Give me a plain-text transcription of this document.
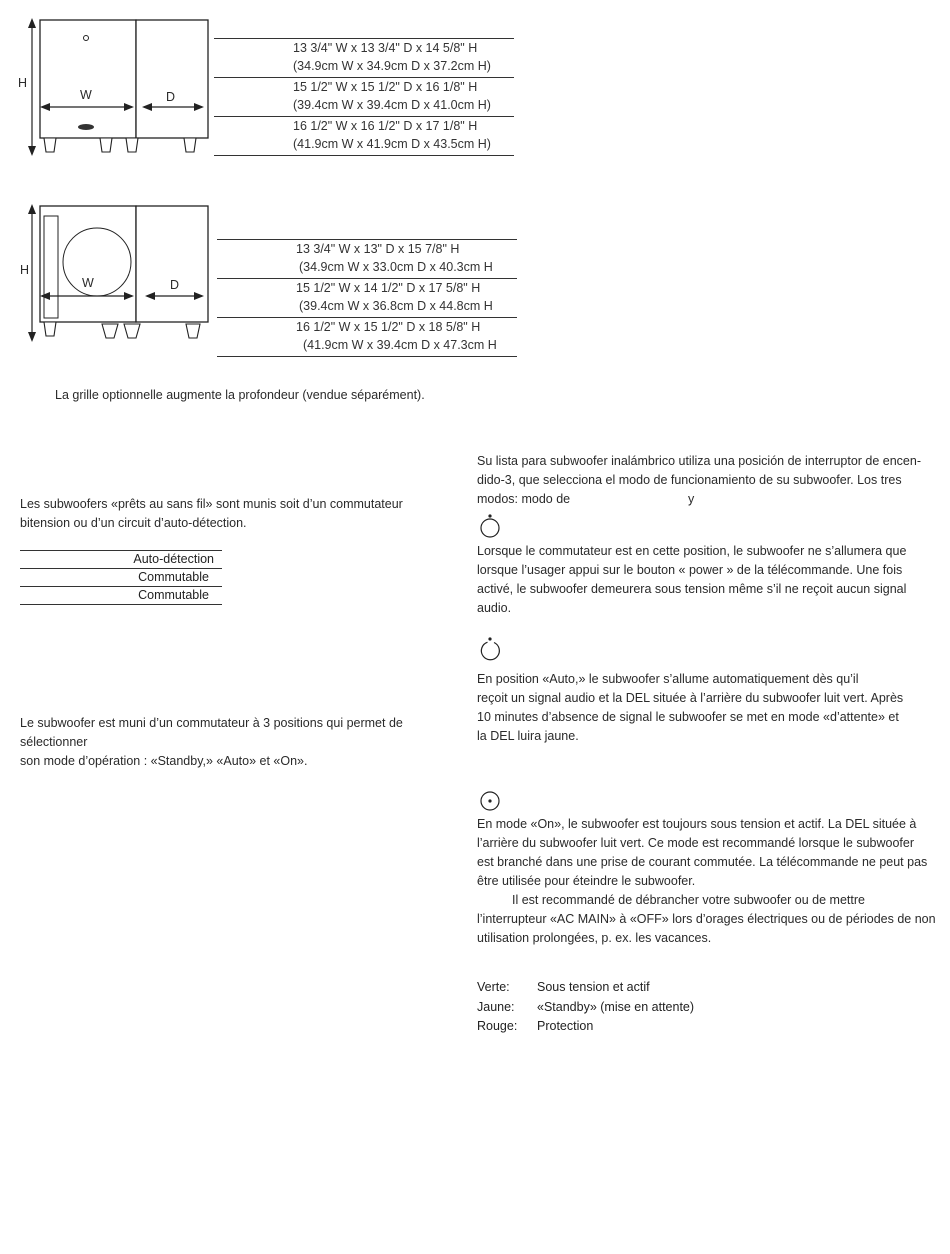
H
W	D
13 3/4" W x 13 3/4" D x 14 5/8" H
(34.9cm W x 34.9cm D x 37.2cm H)
15 1/2" W x 15 1/2" D x 16 1/8" H
(39.4cm W x 39.4cm D x 41.0cm H)
16 1/2" W x 16 1/2" D x 17 1/8" H
(41.9cm W x 41.9cm D x 43.5cm H)
H
W	D
13 3/4" W x 13" D x 15 7/8" H
(34.9cm W x 33.0cm D x 40.3cm H
15 1/2" W x 14 1/2" D x 17 5/8" H
(39.4cm W x 36.8cm D x 44.8cm H
16 1/2" W x 15 1/2" D x 18 5/8" H
(41.9cm W x 39.4cm D x 47.3cm H
La grille optionnelle augmente la profondeur (vendue séparément).
Les subwoofers «prêts au sans fil» sont munis soit d’un commutateur
bitension ou d’un circuit d’auto-détection.
Auto-détection
Commutable
Commutable
Le subwoofer est muni d’un commutateur à 3 positions qui permet de sélectionner
son mode d’opération : «Standby,» «Auto» et «On».
Su lista para subwoofer inalámbrico utiliza una posición de interruptor de encen-
dido-3, que selecciona el modo de funcionamiento de su subwoofer. Los tres
modos: modo de	y
Lorsque le commutateur est en cette position, le subwoofer ne s’allumera que
lorsque l’usager appui sur le bouton « power » de la télécommande. Une fois
activé, le subwoofer demeurera sous tension même s’il ne reçoit aucun signal
audio.
En position «Auto,» le subwoofer s’allume automatiquement dès qu’il
reçoit un signal audio et la DEL située à l’arrière du subwoofer luit vert. Après
10 minutes d’absence de signal le subwoofer se met en mode «d’attente» et
la DEL luira jaune.
En mode «On», le subwoofer est toujours sous tension et actif. La DEL située à
l’arrière du subwoofer luit vert. Ce mode est recommandé lorsque le subwoofer
est branché dans une prise de courant commutée. La télécommande ne peut pas
être utilisée pour éteindre le subwoofer.
Il est recommandé de débrancher votre subwoofer ou de mettre
l’interrupteur «AC MAIN» à «OFF» lors d’orages électriques ou de périodes de non
utilisation prolongées, p. ex. les vacances.
Verte:	Sous tension et actif
Jaune:	«Standby» (mise en attente)
Rouge:	Protection
